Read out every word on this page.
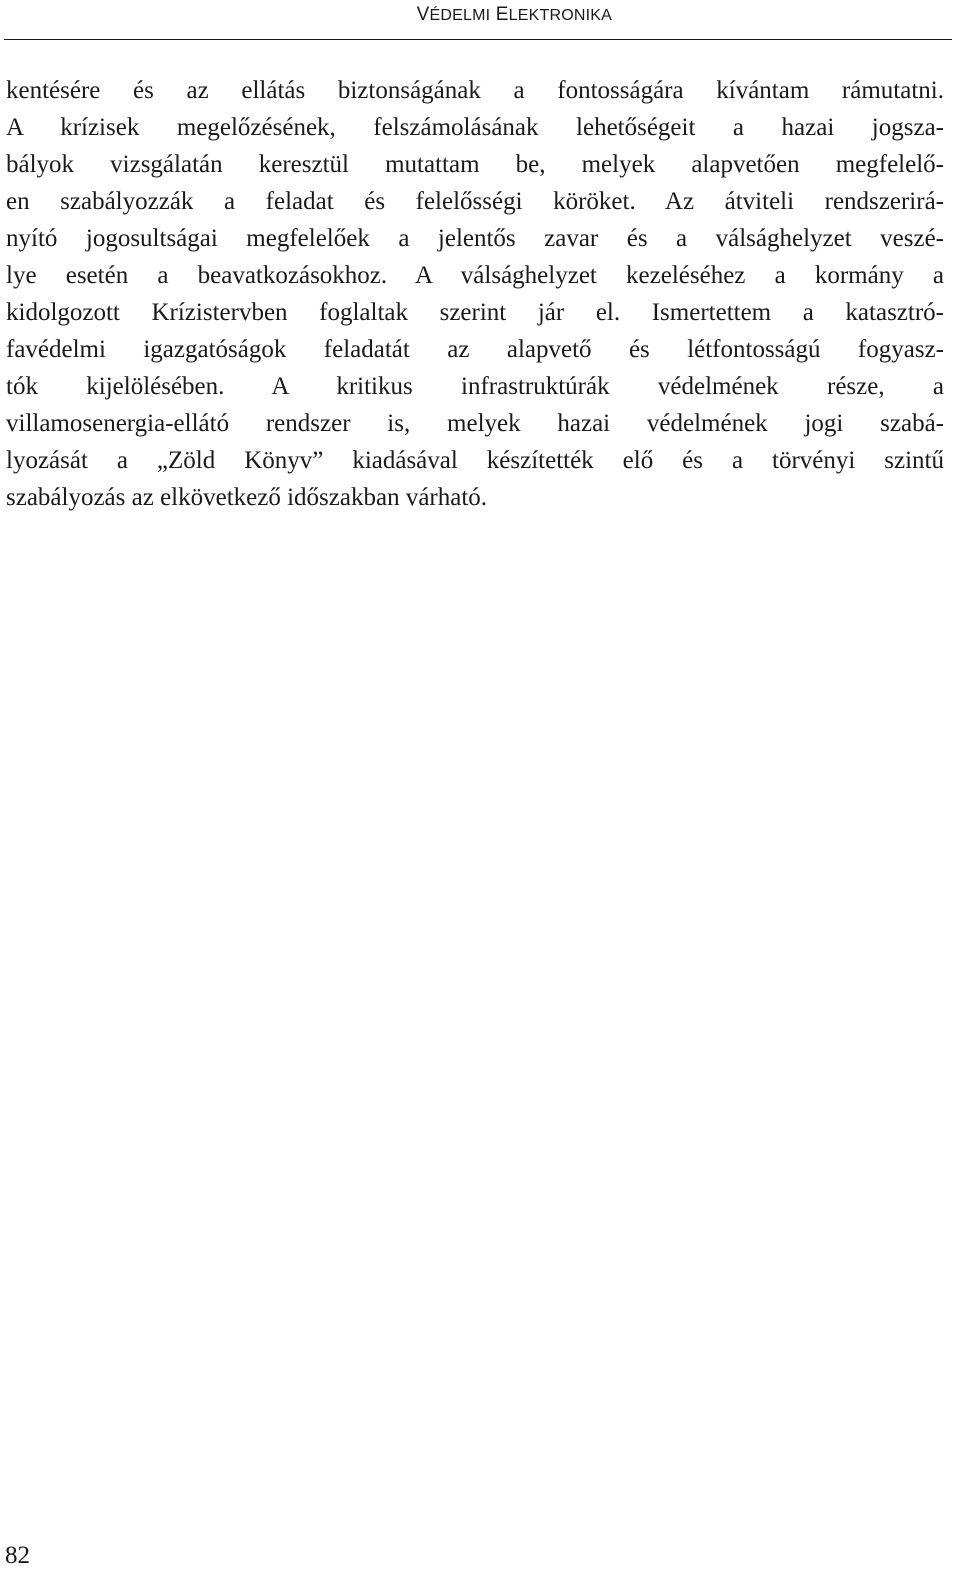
VÉDELMI ELEKTRONIKA
kentésére és az ellátás biztonságának a fontosságára kívántam rámutatni.
A krízisek megelőzésének, felszámolásának lehetőségeit a hazai jogsza-
bályok vizsgálatán keresztül mutattam be, melyek alapvetően megfelelő-
en szabályozzák a feladat és felelősségi köröket. Az átviteli rendszerirá-
nyító jogosultságai megfelelőek a jelentős zavar és a válsághelyzet veszé-
lye esetén a beavatkozásokhoz. A válsághelyzet kezeléséhez a kormány a
kidolgozott Krízistervben foglaltak szerint jár el. Ismertettem a katasztró-
favédelmi igazgatóságok feladatát az alapvető és létfontosságú fogyasz-
tók kijelölésében. A kritikus infrastruktúrák védelmének része, a
villamosenergia-ellátó rendszer is, melyek hazai védelmének jogi szabá-
lyozását a „Zöld Könyv” kiadásával készítették elő és a törvényi szintű
szabályozás az elkövetkező időszakban várható.
82
